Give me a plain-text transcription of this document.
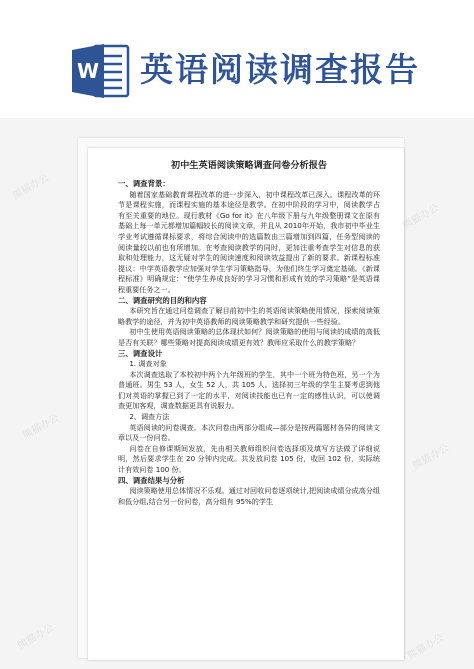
W 英语阅读调查报告
初中生英语阅读策略调查问卷分析报告
一、调查背景：
随着国家基础教育课程改革的进一步深入，初中课程改革已深入。课程改革的环节是课程实施，而课程实施的基本途径是教学。在初中阶段的学习中，阅读教学占有至关重要的地位。现行教材《Go for it》在八年级下册与九年级整册课文在原有基础上每一单元都增加篇幅较长的阅读文章，并且从 2010年开始，我市初中毕业生学业考试遵循课标要求，将综合阅读中的选篇数由三篇增加到四篇，任务型阅读的阅读量较以前也有所增加。在考查阅读教学的同时，更加注重考查学生对信息的获取和处理能力，这无疑对学生的阅读速度和阅读效益提出了新的要求。新课程标准提议：中学英语教学应加强对学生学习策略指导，为他们终生学习奠定基础。《新课程标准》明确规定：“使学生养成良好的学习习惯和形成有效的学习策略”是英语课程重要任务之一。
二、调查研究的目的和内容
本研究旨在通过问卷调查了解目前初中生的英语阅读策略使用情况，探索阅读策略教学的途径，并为初中英语教师的阅读策略教学和研究提供一些经验。
初中生使用英语阅读策略的总体现状如何？阅读策略的使用与阅读的成绩的高低是否有关联？哪些策略对提高阅读成绩更有效？教师应采取什么的教学策略？
三、调查设计
1. 调查对象
本次调查选取了本校初中两个九年级班的学生，其中一个班为特色班，另一个为普通班。男生 53 人，女生 52 人，共 105 人。选择初三年级的学生主要考虑到他们对英语的掌握已到了一定的水平，对阅读技能也已有一定的感性认识，可以使调查更加客观，调查数据更具有说服力。
2、调查方法
英语阅读的问卷调查。本次问卷由两部分组成—部分是按两篇题材各异的阅读文章以及一份问卷。
问卷在自修课期间发放，先由相关教师组织问卷选择项及填写方法做了详细说明，然后要求学生在 20 分钟内完成。共发放问卷 105 份，收回 102 份，实际统计有效问卷 100 份。
四、调查结果与分析
阅读策略使用总体情况不乐观。通过对回收问卷逐项统计,把阅读成绩分成高分组和低分组,结合另一份问卷，高分组有 95%的学生
熊猫办公
熊猫办公
熊猫办公
熊猫办公
熊猫办公	熊猫办公
